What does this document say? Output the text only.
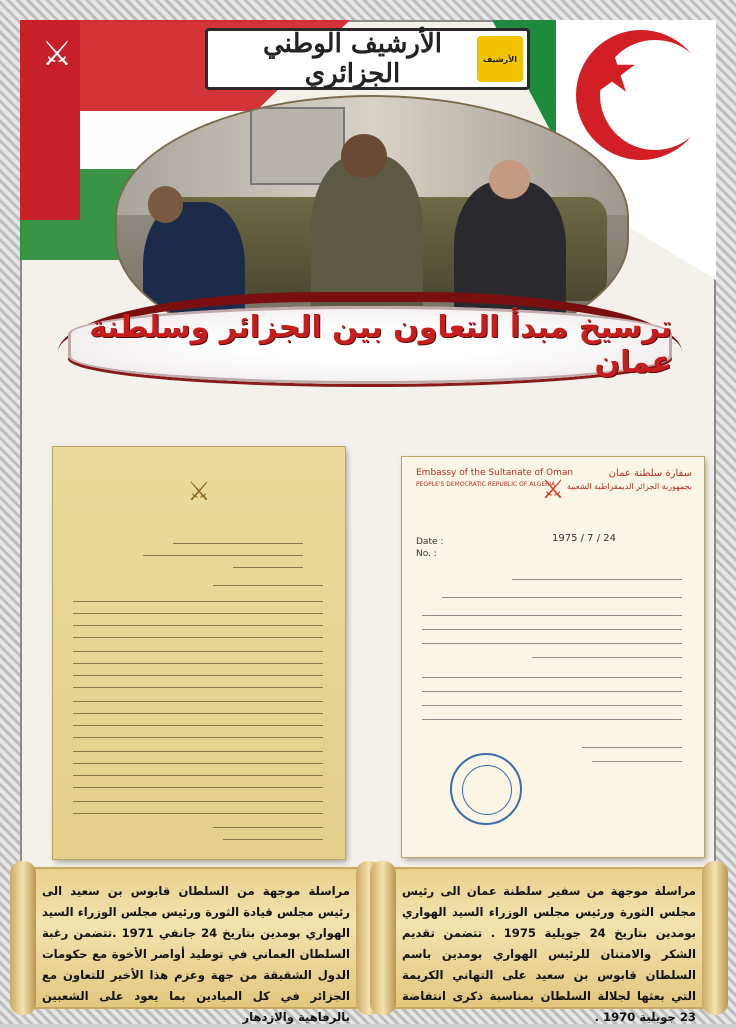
⚔	الأرشيف الوطني الجزائري	الأرشيف
ترسيخ مبدأ التعاون بين الجزائر وسلطنة عمان
⚔
Embassy of the Sultanate of Oman
PEOPLE'S DEMOCRATIC REPUBLIC OF ALGERIA
سفارة سلطنة عمان
بجمهورية الجزائر الديمقراطية الشعبية
⚔
Date :
No. :
1975 / 7 / 24
مراسلة موجهة من السلطان قابوس بن سعيد الى رئيس مجلس قيادة الثورة ورئيس مجلس الوزراء السيد الهواري بومدين بتاريخ 24 جانفي 1971 .تتضمن رغبة السلطان العماني في توطيد أواصر الأخوة مع حكومات الدول الشقيقة من جهة وعزم هذا الأخير للتعاون مع الجزائر في كل الميادين بما يعود على الشعبين بالرفاهية والازدهار
مراسلة موجهة من سفير سلطنة عمان الى رئيس مجلس الثورة ورئيس مجلس الوزراء السيد الهواري بومدين بتاريخ 24 جويلية 1975 . تتضمن تقديم الشكر والامتنان للرئيس الهواري بومدين باسم السلطان قابوس بن سعيد على التهاني الكريمة التي بعثها لجلالة السلطان بمناسبة ذكرى انتفاضة 23 جويلية 1970 .
